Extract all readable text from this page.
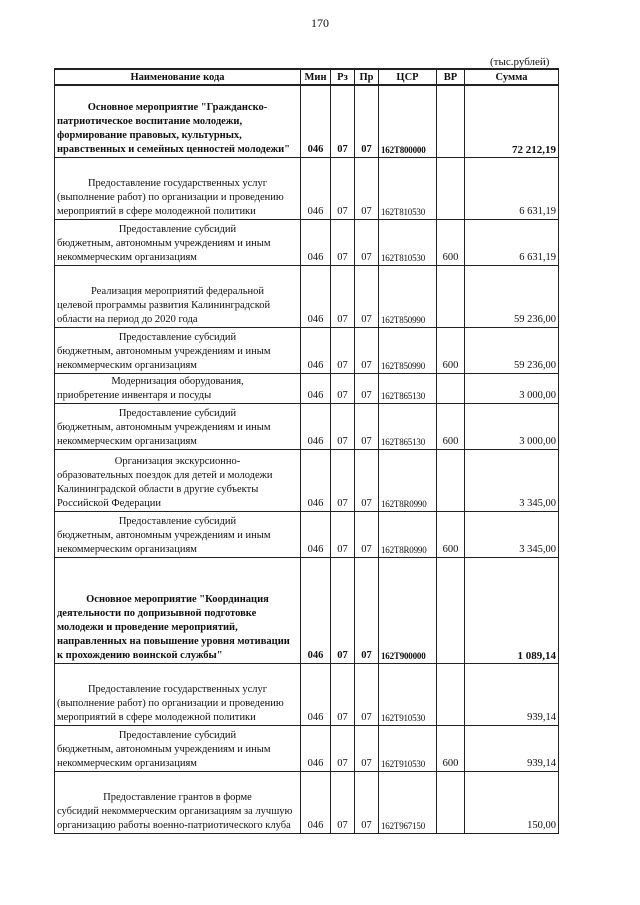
170
(тыс.рублей)
Наименование кода	Мин	Рз	Пр	ЦСР	ВР	Сумма

Основное мероприятие "Гражданско-
патриотическое воспитание молодежи, формирование правовых, культурных, нравственных и семейных ценностей молодежи"	046	07	07	162Т800000		72 212,19

Предоставление государственных услуг
(выполнение работ) по организации и проведению мероприятий в сфере молодежной политики	046	07	07	162Т810530		6 631,19

Предоставление субсидий
бюджетным, автономным учреждениям и иным некоммерческим организациям	046	07	07	162Т810530	600	6 631,19

Реализация мероприятий федеральной
целевой программы развития Калининградской области на период до 2020 года	046	07	07	162Т850990		59 236,00

Предоставление субсидий
бюджетным, автономным учреждениям и иным некоммерческим организациям	046	07	07	162Т850990	600	59 236,00

Модернизация оборудования,
приобретение инвентаря и посуды	046	07	07	162Т865130		3 000,00

Предоставление субсидий
бюджетным, автономным учреждениям и иным некоммерческим организациям	046	07	07	162Т865130	600	3 000,00

Организация экскурсионно-
образовательных поездок для детей и молодежи Калининградской области в другие субъекты Российской Федерации	046	07	07	162Т8R0990		3 345,00

Предоставление субсидий
бюджетным, автономным учреждениям и иным некоммерческим организациям	046	07	07	162Т8R0990	600	3 345,00

Основное мероприятие "Координация
деятельности по допризывной подготовке молодежи и проведение мероприятий, направленных на повышение уровня мотивации к прохождению воинской службы"	046	07	07	162Т900000		1 089,14

Предоставление государственных услуг
(выполнение работ) по организации и проведению мероприятий в сфере молодежной политики	046	07	07	162Т910530		939,14

Предоставление субсидий
бюджетным, автономным учреждениям и иным некоммерческим организациям	046	07	07	162Т910530	600	939,14

Предоставление грантов в форме
субсидий некоммерческим организациям за лучшую организацию работы военно-патриотического клуба	046	07	07	162Т967150		150,00
